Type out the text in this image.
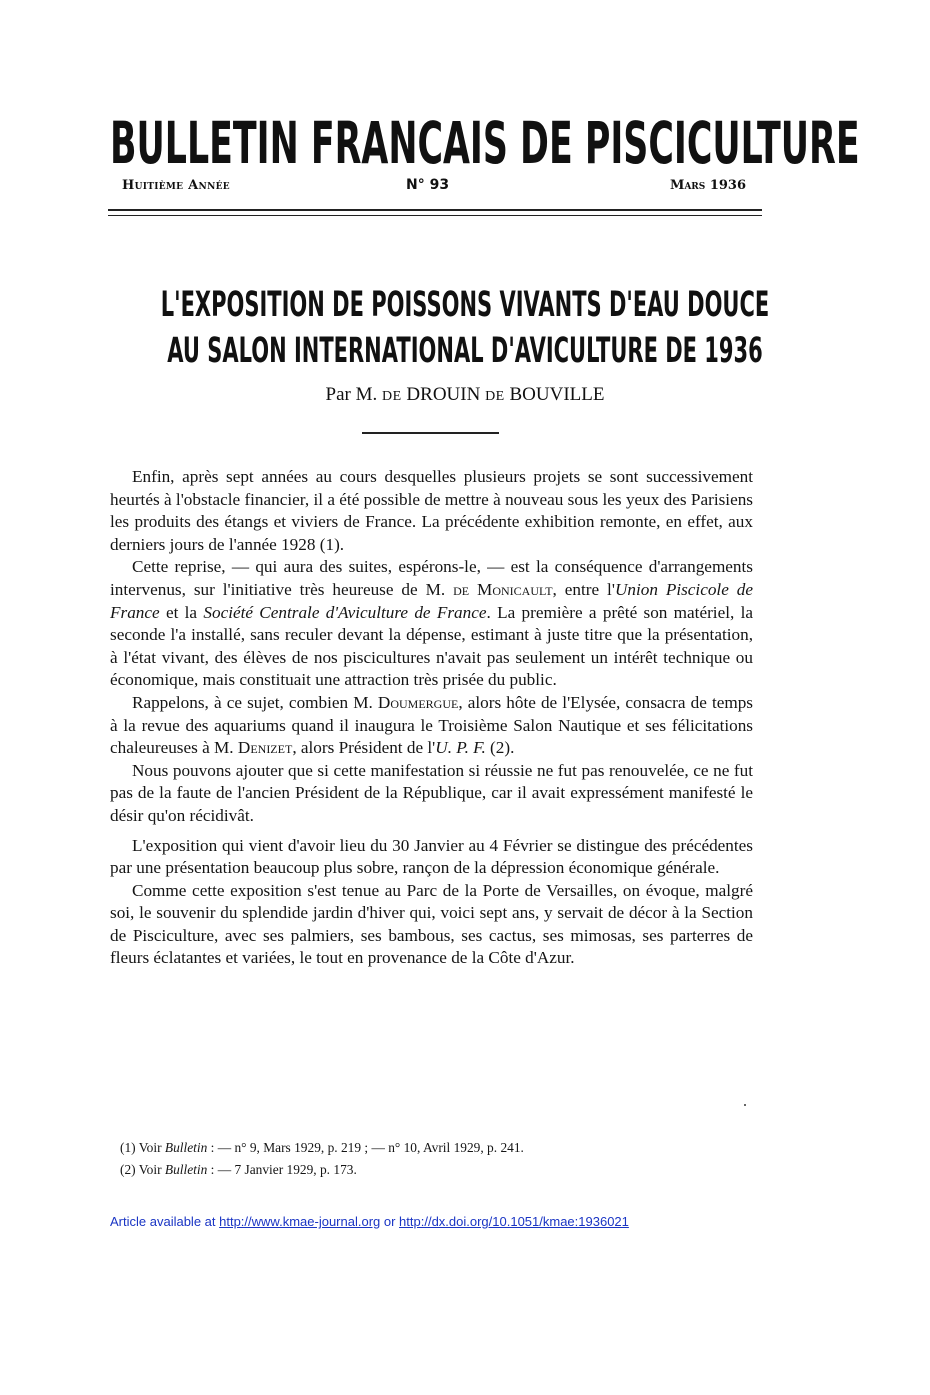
BULLETIN FRANCAIS DE PISCICULTURE
Huitième Année	N° 93	Mars 1936
L'EXPOSITION DE POISSONS VIVANTS D'EAU DOUCE
AU SALON INTERNATIONAL D'AVICULTURE DE 1936
Par M. DE DROUIN DE BOUVILLE

Enfin, après sept années au cours desquelles plusieurs projets se sont successivement heurtés à l'obstacle financier, il a été possible de mettre à nouveau sous les yeux des Parisiens les produits des étangs et viviers de France. La précédente exhibition remonte, en effet, aux derniers jours de l'année 1928 (1).

Cette reprise, — qui aura des suites, espérons-le, — est la conséquence d'arrangements intervenus, sur l'initiative très heureuse de M. de Monicault, entre l'Union Piscicole de France et la Société Centrale d'Aviculture de France. La première a prêté son matériel, la seconde l'a installé, sans reculer devant la dépense, estimant à juste titre que la présentation, à l'état vivant, des élèves de nos piscicultures n'avait pas seulement un intérêt technique ou économique, mais constituait une attraction très prisée du public.

Rappelons, à ce sujet, combien M. Doumergue, alors hôte de l'Elysée, consacra de temps à la revue des aquariums quand il inaugura le Troisième Salon Nautique et ses félicitations chaleureuses à M. Denizet, alors Président de l'U. P. F. (2).

Nous pouvons ajouter que si cette manifestation si réussie ne fut pas renouvelée, ce ne fut pas de la faute de l'ancien Président de la République, car il avait expressément manifesté le désir qu'on récidivât.

L'exposition qui vient d'avoir lieu du 30 Janvier au 4 Février se distingue des précédentes par une présentation beaucoup plus sobre, rançon de la dépression économique générale.

Comme cette exposition s'est tenue au Parc de la Porte de Versailles, on évoque, malgré soi, le souvenir du splendide jardin d'hiver qui, voici sept ans, y servait de décor à la Section de Pisciculture, avec ses palmiers, ses bambous, ses cactus, ses mimosas, ses parterres de fleurs éclatantes et variées, le tout en provenance de la Côte d'Azur.

(1) Voir Bulletin : — n° 9, Mars 1929, p. 219 ; — n° 10, Avril 1929, p. 241.
(2) Voir Bulletin : — 7 Janvier 1929, p. 173.
Article available at http://www.kmae-journal.org or http://dx.doi.org/10.1051/kmae:1936021
